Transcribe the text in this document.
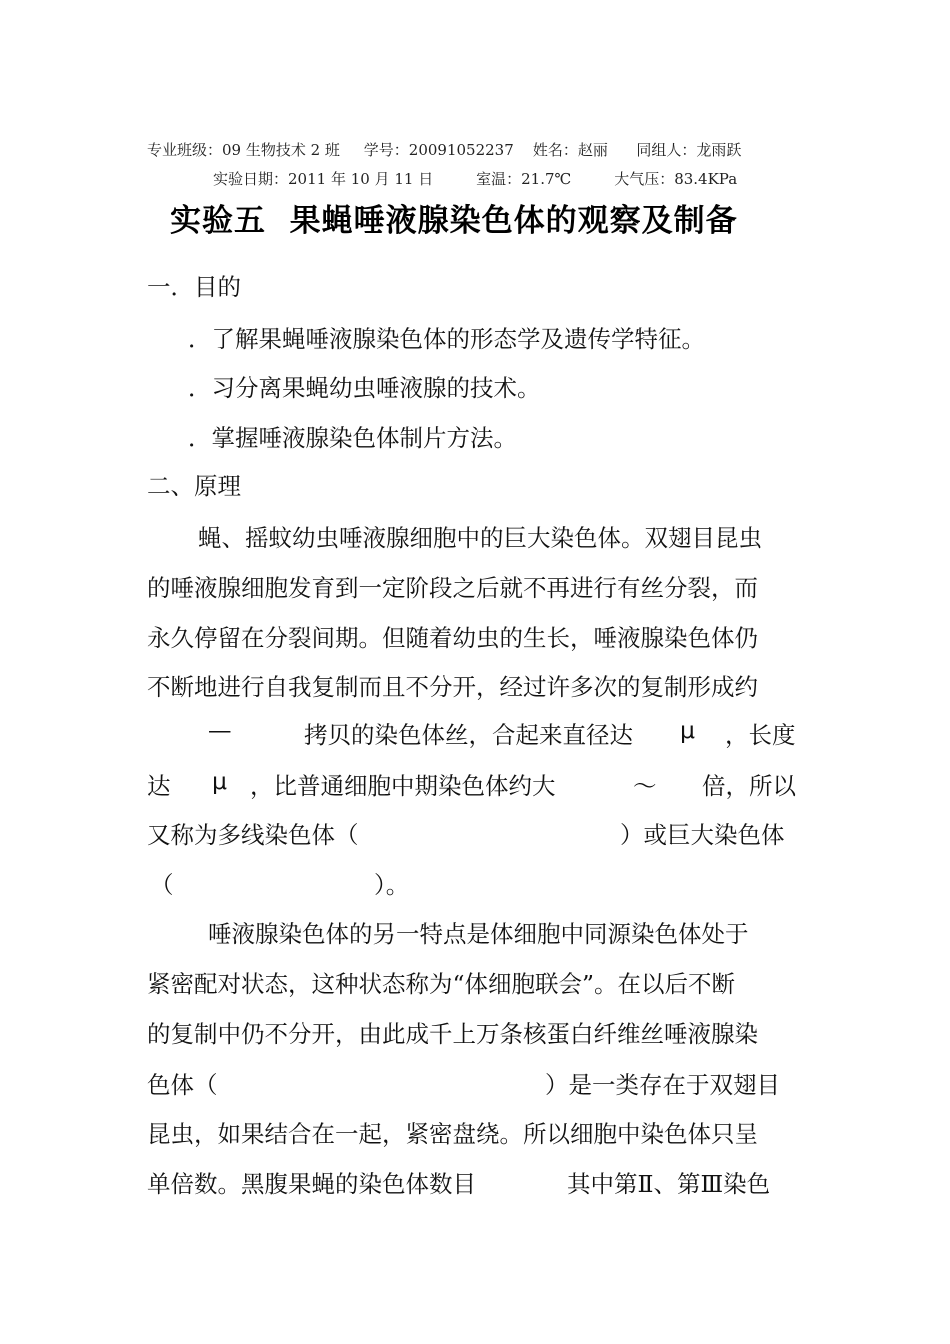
专业班级：09 生物技术 2 班     学号：20091052237    姓名：赵丽      同组人：龙雨跃
实验日期：2011 年 10 月 11 日         室温：21.7℃         大气压：83.4KPa
实验五  果蝇唾液腺染色体的观察及制备
一．目的
．了解果蝇唾液腺染色体的形态学及遗传学特征。
．习分离果蝇幼虫唾液腺的技术。
．掌握唾液腺染色体制片方法。
二、原理
蝇、摇蚊幼虫唾液腺细胞中的巨大染色体。双翅目昆虫
的唾液腺细胞发育到一定阶段之后就不再进行有丝分裂，而
永久停留在分裂间期。但随着幼虫的生长，唾液腺染色体仍
不断地进行自我复制而且不分开，经过许多次的复制形成约
—	拷贝的染色体丝，合起来直径达 μ ，长度
达 μ ，比普通细胞中期染色体约大	～ 倍，所以
又称为多线染色体（	）或巨大染色体
（	）。
唾液腺染色体的另一特点是体细胞中同源染色体处于
紧密配对状态，这种状态称为“体细胞联会”。在以后不断
的复制中仍不分开，由此成千上万条核蛋白纤维丝唾液腺染
色体（	）是一类存在于双翅目
昆虫，如果结合在一起，紧密盘绕。所以细胞中染色体只呈
单倍数。黑腹果蝇的染色体数目	其中第Ⅱ、第Ⅲ染色
